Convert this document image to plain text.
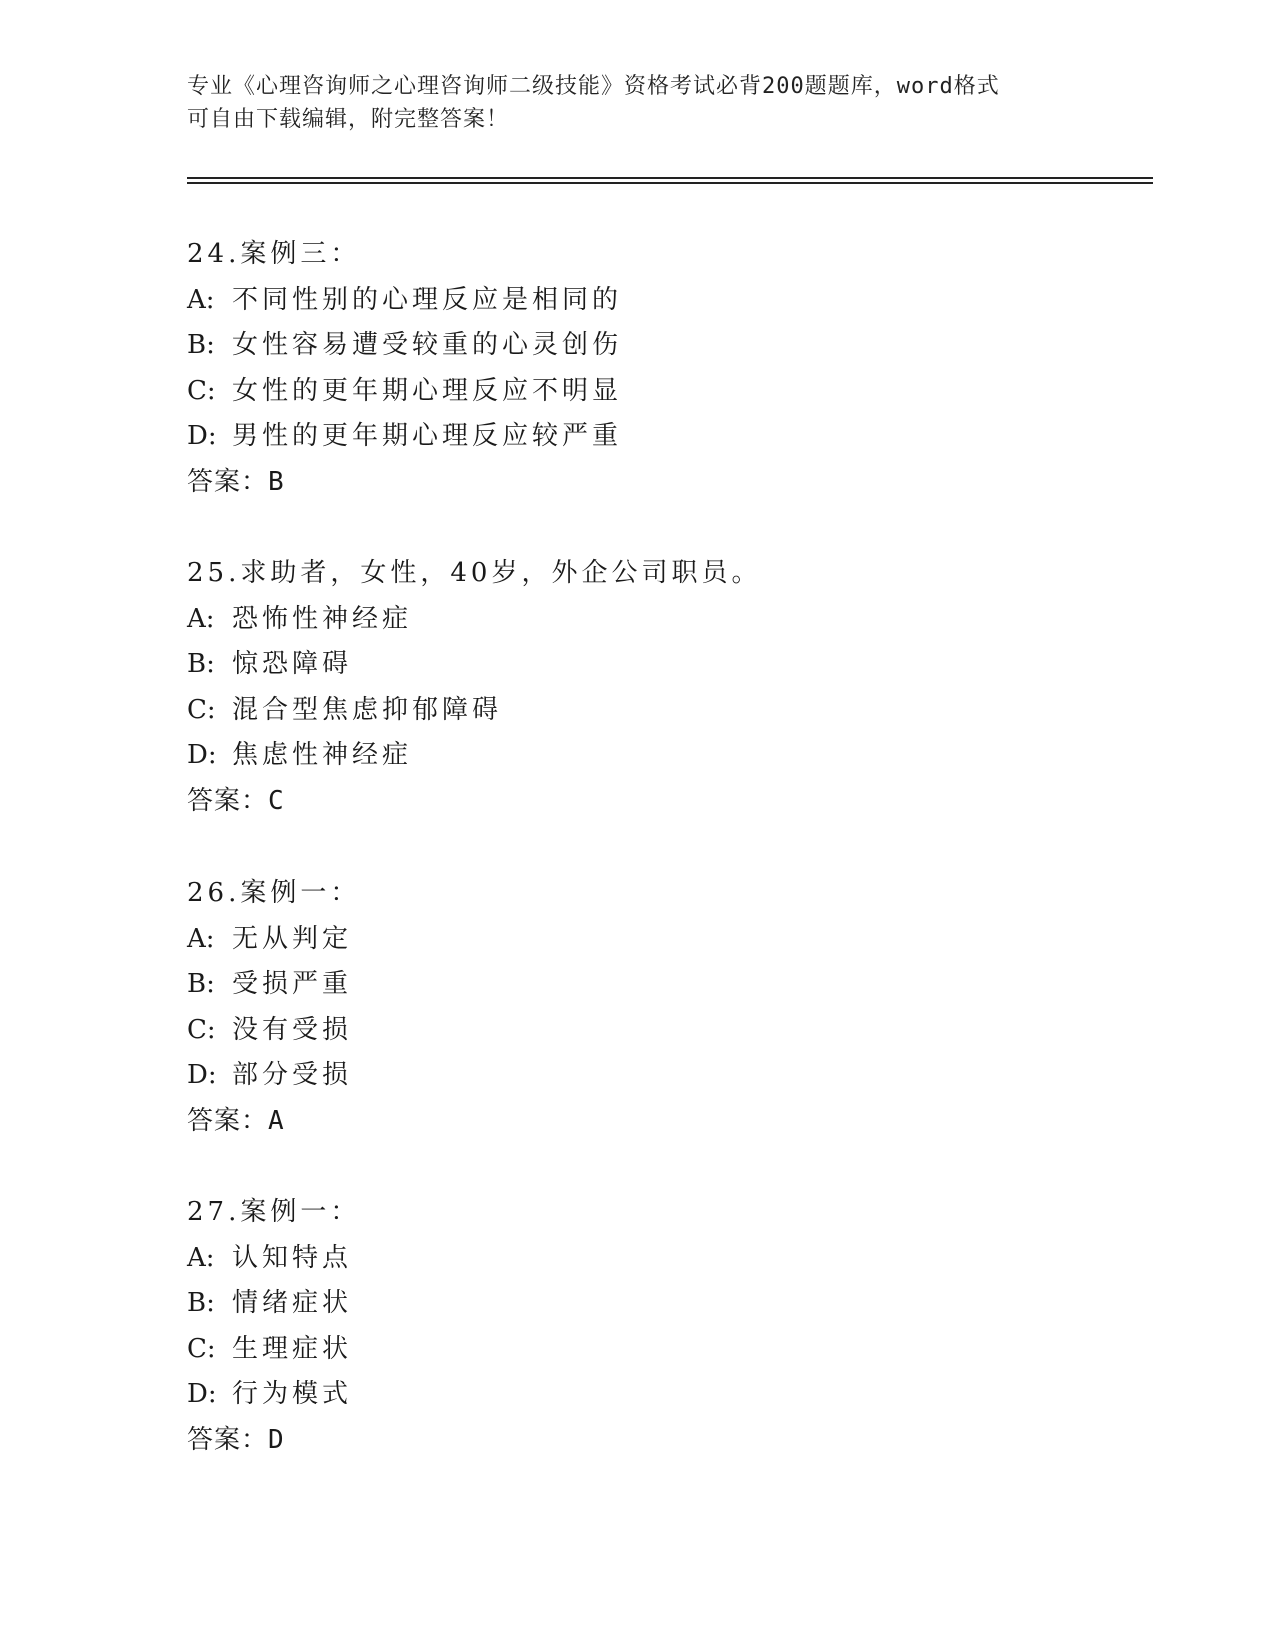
专业《心理咨询师之心理咨询师二级技能》资格考试必背200题题库，word格式
可自由下载编辑，附完整答案！
24.案例三：
A: 不同性别的心理反应是相同的
B: 女性容易遭受较重的心灵创伤
C: 女性的更年期心理反应不明显
D: 男性的更年期心理反应较严重
答案：B
25.求助者，女性，40岁，外企公司职员。
A: 恐怖性神经症
B: 惊恐障碍
C: 混合型焦虑抑郁障碍
D: 焦虑性神经症
答案：C
26.案例一：
A: 无从判定
B: 受损严重
C: 没有受损
D: 部分受损
答案：A
27.案例一：
A: 认知特点
B: 情绪症状
C: 生理症状
D: 行为模式
答案：D
